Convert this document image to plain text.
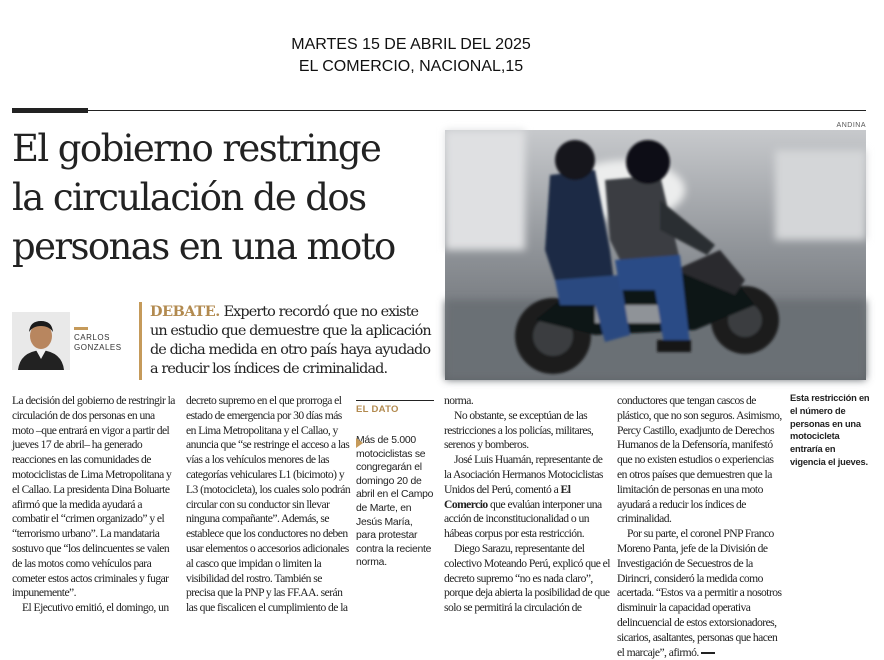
MARTES 15 DE ABRIL DEL 2025
EL COMERCIO, NACIONAL,15
El gobierno restringe
la circulación de dos
personas en una moto
ANDINA
CARLOS
GONZALES
DEBATE. Experto recordó que no existe un estudio que demuestre que la aplicación de dicha medida en otro país haya ayudado a reducir los índices de criminalidad.

La decisión del gobierno de restringir la circulación de dos personas en una moto –que entrará en vigor a partir del jueves 17 de abril– ha generado reacciones en las comunidades de motociclistas de Lima Metropolitana y el Callao. La presidenta Dina Boluarte afirmó que la medida ayudará a combatir el “crimen organizado” y el “terrorismo urbano”. La mandataria sostuvo que “los delincuentes se valen de las motos como vehículos para cometer estos actos criminales y fugar impunemente”.

El Ejecutivo emitió, el domingo, un

decreto supremo en el que prorroga el estado de emergencia por 30 días más en Lima Metropolitana y el Callao, y anuncia que “se restringe el acceso a las vías a los vehículos menores de las categorías vehiculares L1 (bicimoto) y L3 (motocicleta), los cuales solo podrán circular con su conductor sin llevar ninguna compañante”. Además, se establece que los conductores no deben usar elementos o accesorios adicionales al casco que impidan o limiten la visibilidad del rostro. También se precisa que la PNP y las FF.AA. serán las que fiscalicen el cumplimiento de la

norma.

No obstante, se exceptúan de las restricciones a los policías, militares, serenos y bomberos.

José Luis Huamán, representante de la Asociación Hermanos Motociclistas Unidos del Perú, comentó a El Comercio que evalúan interponer una acción de inconstitucionalidad o un hábeas corpus por esta restricción.

Diego Sarazu, representante del colectivo Moteando Perú, explicó que el decreto supremo “no es nada claro”, porque deja abierta la posibilidad de que solo se permitirá la circulación de

conductores que tengan cascos de plástico, que no son seguros. Asimismo, Percy Castillo, exadjunto de Derechos Humanos de la Defensoría, manifestó que no existen estudios o experiencias en otros países que demuestren que la limitación de personas en una moto ayudará a reducir los índices de criminalidad.

Por su parte, el coronel PNP Franco Moreno Panta, jefe de la División de Investigación de Secuestros de la Dirincri, consideró la medida como acertada. “Estos va a permitir a nosotros disminuir la capacidad operativa delincuencial de estos extorsionadores, sicarios, asaltantes, personas que hacen el marcaje”, afirmó.

EL DATO
Más de 5.000 motociclistas se congregarán el domingo 20 de abril en el Campo de Marte, en Jesús María, para protestar contra la reciente norma.
Esta restricción en el número de personas en una motocicleta entraría en vigencia el jueves.
